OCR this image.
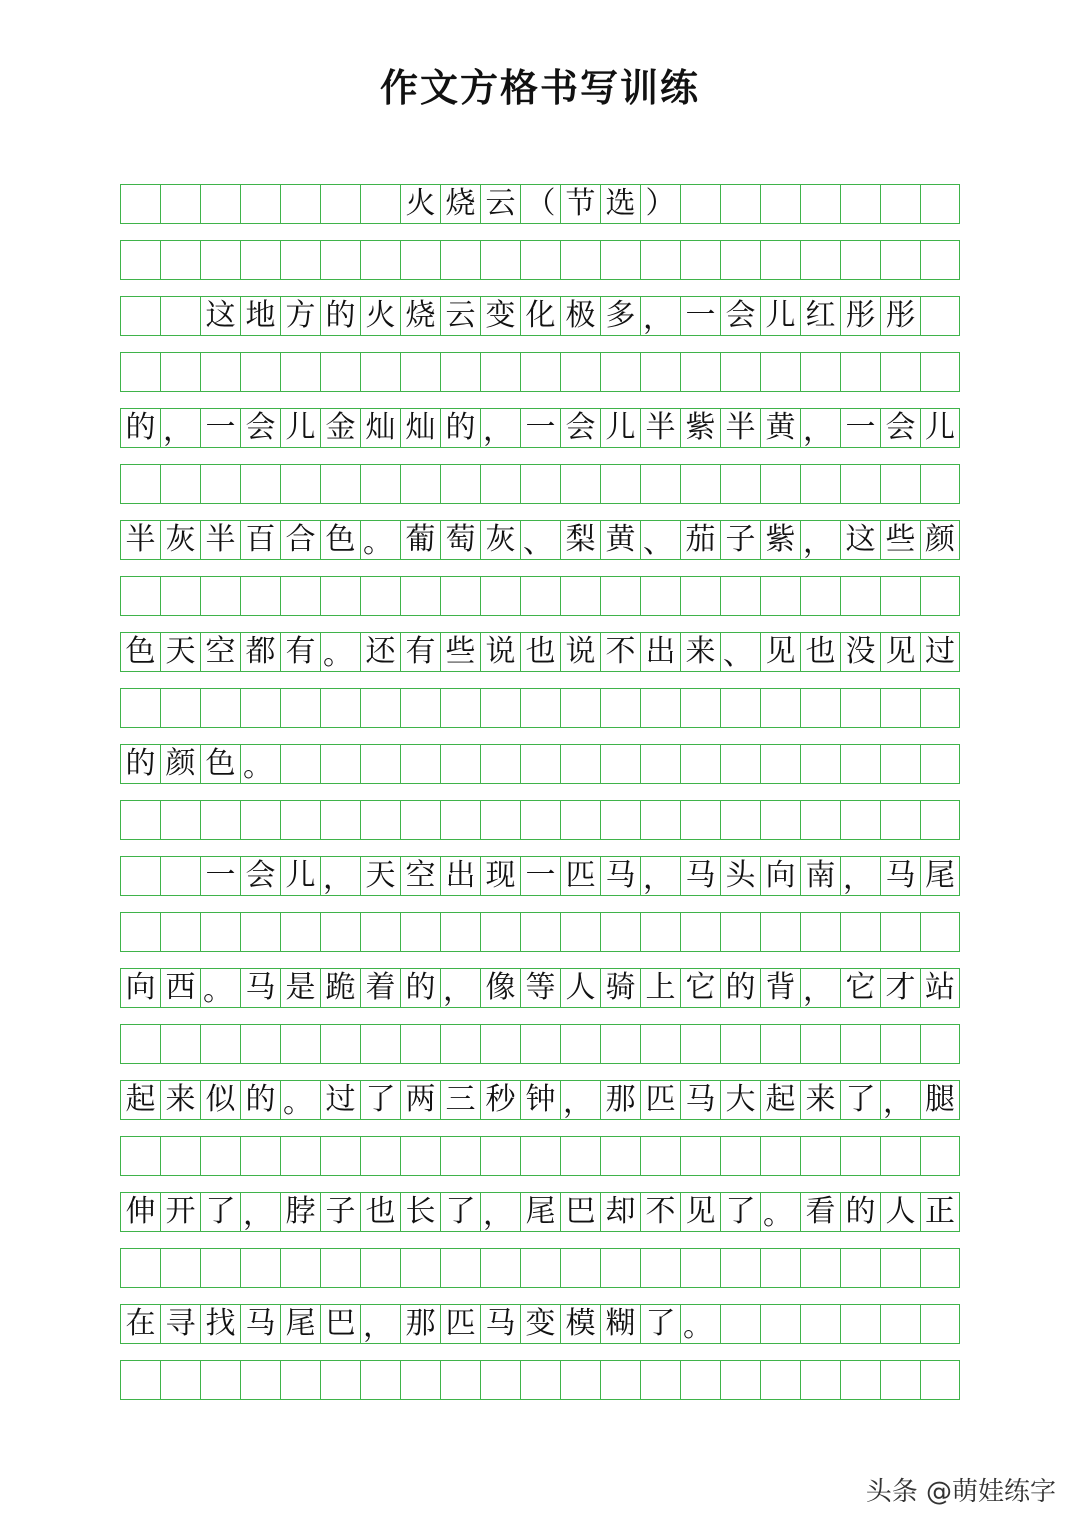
作文方格书写训练
火 烧 云 （ 节 选 ）
这 地 方 的 火 烧 云 变 化 极 多 ， 一 会 儿 红 彤 彤
的 ， 一 会 儿 金 灿 灿 的 ， 一 会 儿 半 紫 半 黄 ， 一 会 儿
半 灰 半 百 合 色 。 葡 萄 灰 、 梨 黄 、 茄 子 紫 ， 这 些 颜
色 天 空 都 有 。 还 有 些 说 也 说 不 出 来 、 见 也 没 见 过
的 颜 色 。
一 会 儿 ， 天 空 出 现 一 匹 马 ， 马 头 向 南 ， 马 尾
向 西 。 马 是 跪 着 的 ， 像 等 人 骑 上 它 的 背 ， 它 才 站
起 来 似 的 。 过 了 两 三 秒 钟 ， 那 匹 马 大 起 来 了 ， 腿
伸 开 了 ， 脖 子 也 长 了 ， 尾 巴 却 不 见 了 。 看 的 人 正
在 寻 找 马 尾 巴 ， 那 匹 马 变 模 糊 了 。
头条 @萌娃练字
